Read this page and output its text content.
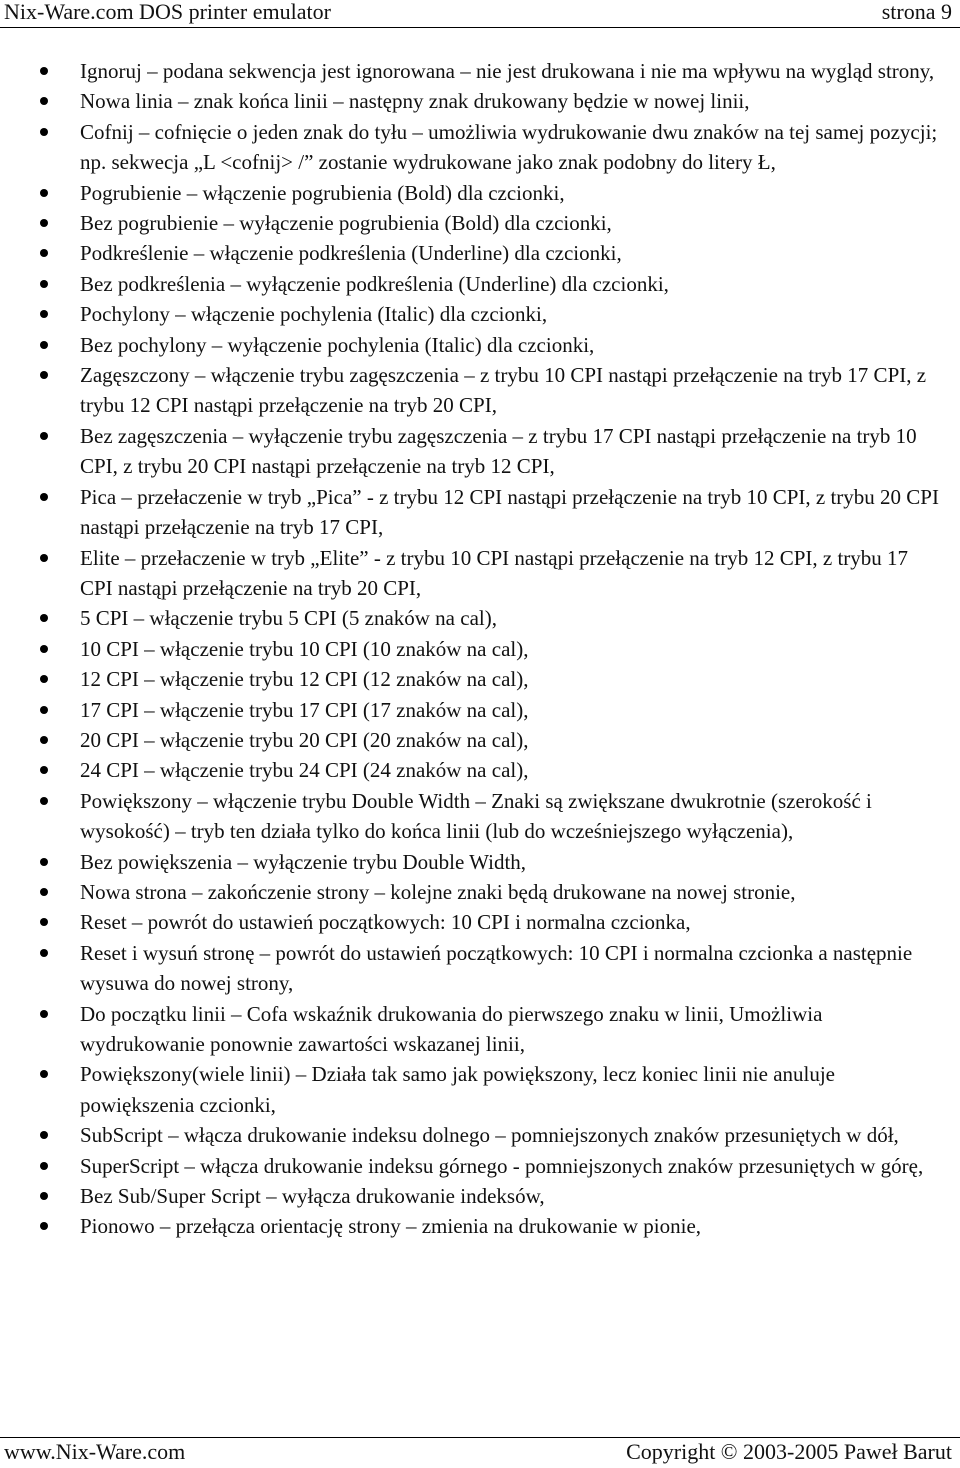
Nix-Ware.com DOS printer emulator	strona 9
Ignoruj – podana sekwencja jest ignorowana – nie jest drukowana i nie ma wpływu na wygląd strony,
Nowa linia – znak końca linii – następny znak drukowany będzie w nowej linii,
Cofnij – cofnięcie o jeden znak do tyłu – umożliwia wydrukowanie dwu znaków na tej samej pozycji; np. sekwecja „L <cofnij> /” zostanie wydrukowane jako znak podobny do litery Ł,
Pogrubienie – włączenie pogrubienia (Bold) dla czcionki,
Bez pogrubienie – wyłączenie pogrubienia (Bold) dla czcionki,
Podkreślenie – włączenie podkreślenia (Underline) dla czcionki,
Bez podkreślenia – wyłączenie podkreślenia (Underline) dla czcionki,
Pochylony – włączenie pochylenia (Italic) dla czcionki,
Bez pochylony – wyłączenie pochylenia (Italic) dla czcionki,
Zagęszczony – włączenie trybu zagęszczenia – z trybu 10 CPI nastąpi przełączenie na tryb 17 CPI, z trybu 12 CPI nastąpi przełączenie na tryb 20 CPI,
Bez zagęszczenia – wyłączenie trybu zagęszczenia – z trybu 17 CPI nastąpi przełączenie na tryb 10 CPI, z trybu 20 CPI nastąpi przełączenie na tryb 12 CPI,
Pica – przełaczenie w tryb „Pica” - z trybu 12 CPI nastąpi przełączenie na tryb 10 CPI, z trybu 20 CPI nastąpi przełączenie na tryb 17 CPI,
Elite – przełaczenie w tryb „Elite” - z trybu 10 CPI nastąpi przełączenie na tryb 12 CPI, z trybu 17 CPI nastąpi przełączenie na tryb 20 CPI,
5 CPI – włączenie trybu 5 CPI (5 znaków na cal),
10 CPI – włączenie trybu 10 CPI (10 znaków na cal),
12 CPI – włączenie trybu 12 CPI (12 znaków na cal),
17 CPI – włączenie trybu 17 CPI (17 znaków na cal),
20 CPI – włączenie trybu 20 CPI (20 znaków na cal),
24 CPI – włączenie trybu 24 CPI (24 znaków na cal),
Powiększony – włączenie trybu Double Width – Znaki są zwiększane dwukrotnie (szerokość i wysokość) – tryb ten działa tylko do końca linii (lub do wcześniejszego wyłączenia),
Bez powiększenia – wyłączenie trybu Double Width,
Nowa strona – zakończenie strony – kolejne znaki będą drukowane na nowej stronie,
Reset – powrót do ustawień początkowych: 10 CPI i normalna czcionka,
Reset i wysuń stronę – powrót do ustawień początkowych: 10 CPI i normalna czcionka a następnie wysuwa do nowej strony,
Do początku linii – Cofa wskaźnik drukowania do pierwszego znaku w linii, Umożliwia wydrukowanie ponownie zawartości wskazanej linii,
Powiększony(wiele linii) – Działa tak samo jak powiększony, lecz koniec linii nie anuluje powiększenia czcionki,
SubScript – włącza drukowanie indeksu dolnego – pomniejszonych znaków przesuniętych w dół,
SuperScript – włącza drukowanie indeksu górnego - pomniejszonych znaków przesuniętych w górę,
Bez Sub/Super Script – wyłącza drukowanie indeksów,
Pionowo – przełącza orientację strony – zmienia na drukowanie w pionie,
www.Nix-Ware.com	Copyright © 2003-2005 Paweł Barut
